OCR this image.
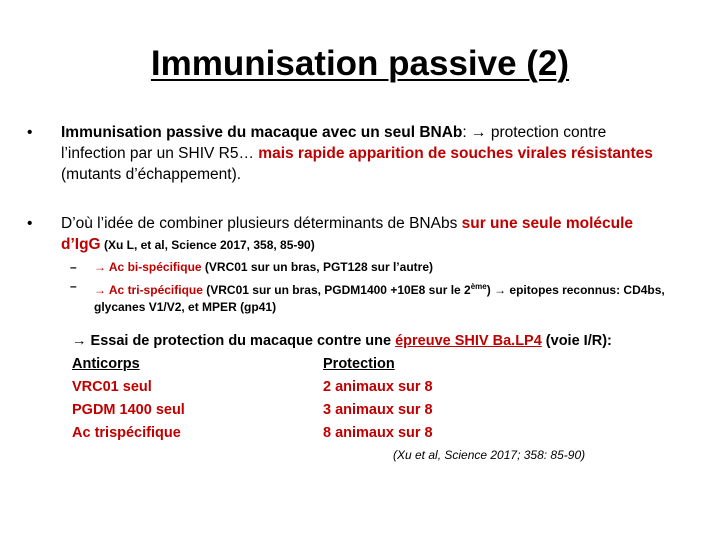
Immunisation passive (2)
• Immunisation passive du macaque avec un seul BNAb: → protection contre l’infection par un SHIV R5… mais rapide apparition de souches virales résistantes (mutants d’échappement).
• D’où l’idée de combiner plusieurs déterminants de BNAbs sur une seule molécule d’IgG (Xu L, et al, Science 2017, 358, 85-90)
– → Ac bi-spécifique (VRC01 sur un bras, PGT128 sur l’autre)
– → Ac tri-spécifique (VRC01 sur un bras, PGDM1400 +10E8 sur le 2ème) → epitopes reconnus: CD4bs, glycanes V1/V2, et MPER (gp41)
→ Essai de protection du macaque contre une épreuve SHIV Ba.LP4 (voie I/R):
Anticorps	Protection
VRC01 seul	2 animaux sur 8
PGDM 1400 seul	3 animaux sur 8
Ac trispécifique	8 animaux sur 8
(Xu et al, Science 2017; 358: 85-90)
